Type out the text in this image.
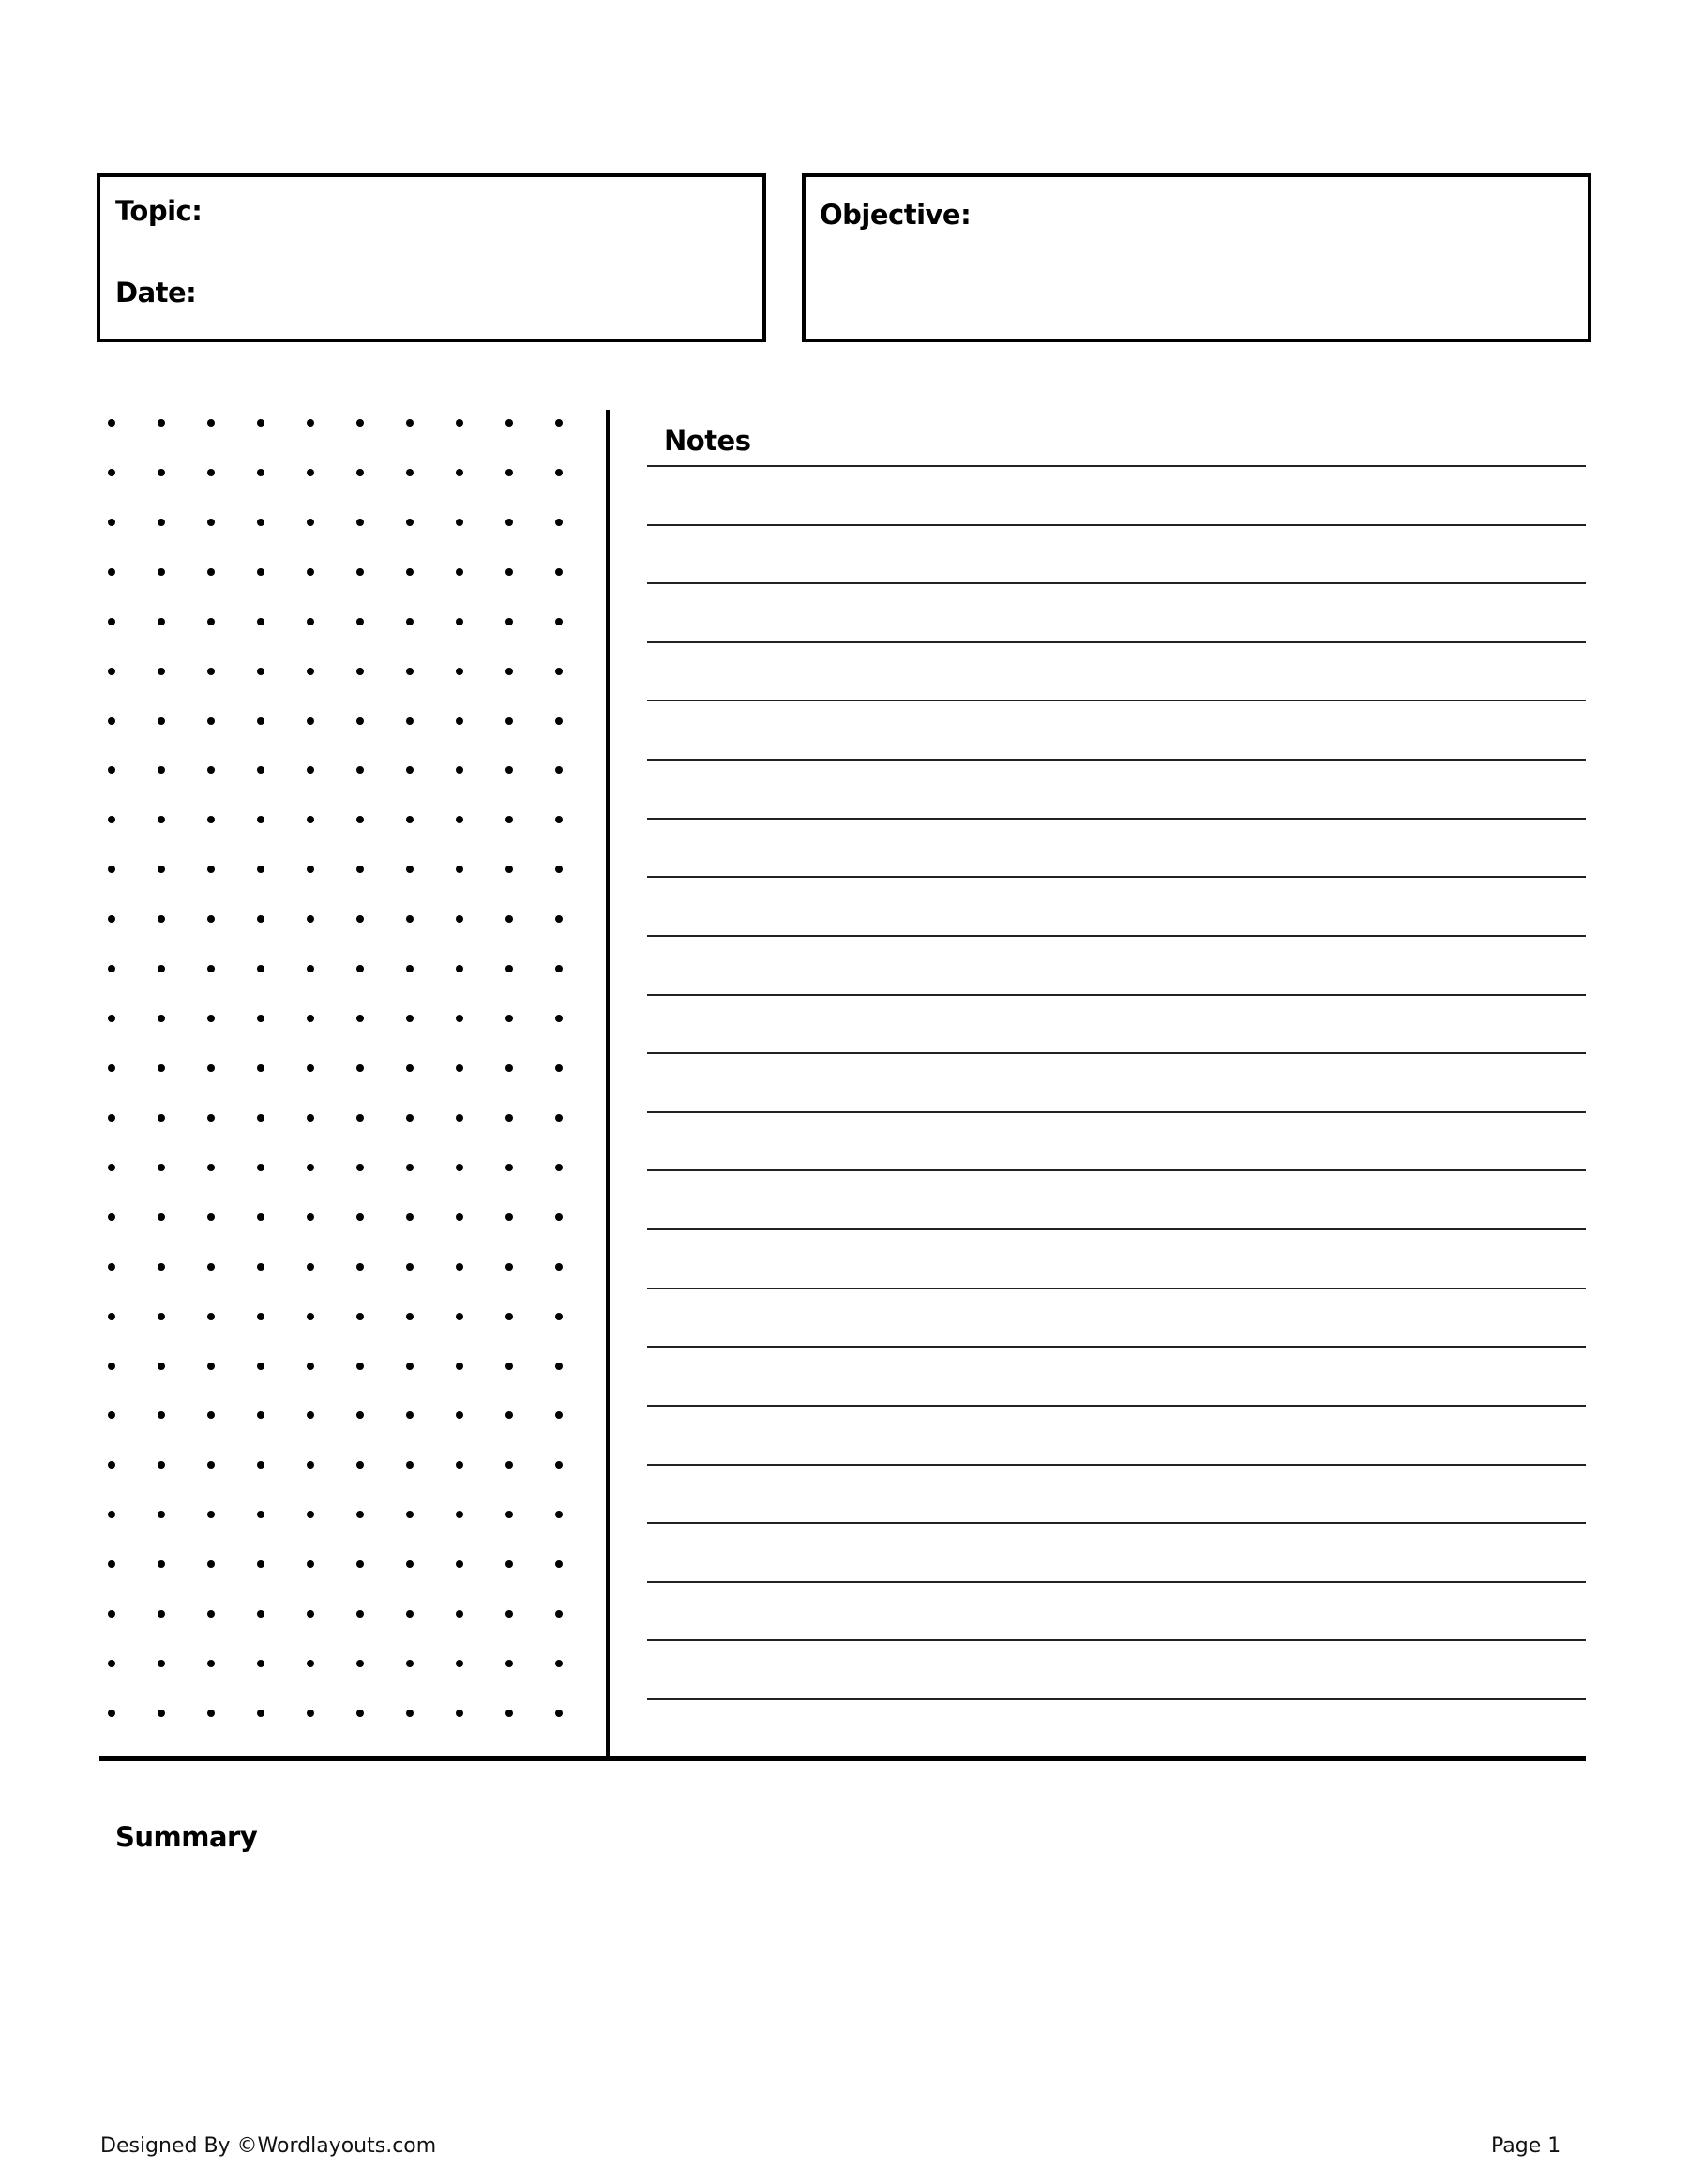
Topic:
Date:
Objective:
Notes
Summary
Designed By ©Wordlayouts.com	Page 1
